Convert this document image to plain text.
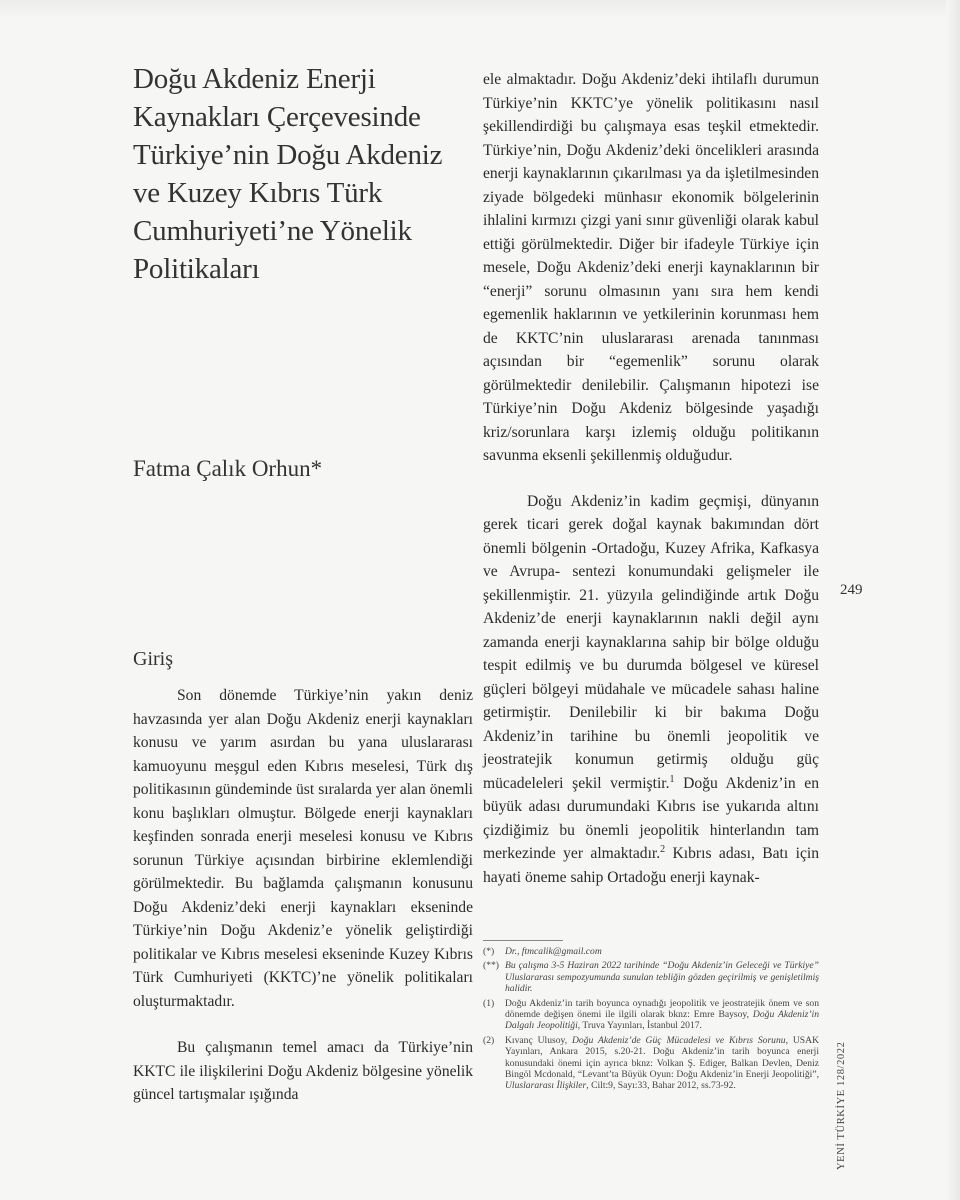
Doğu Akdeniz Enerji
Kaynakları Çerçevesinde
Türkiye’nin Doğu Akdeniz
ve Kuzey Kıbrıs Türk
Cumhuriyeti’ne Yönelik
Politikaları
Fatma Çalık Orhun*
Giriş

Son dönemde Türkiye’nin yakın deniz havzasında yer alan Doğu Akdeniz enerji kaynakları konusu ve yarım asırdan bu yana uluslararası kamuoyunu meşgul eden Kıbrıs meselesi, Türk dış politikasının gündeminde üst sıralarda yer alan önemli konu başlıkları olmuştur. Bölgede enerji kaynakları keşfinden sonrada enerji meselesi konusu ve Kıbrıs sorunun Türkiye açısından birbirine eklemlendiği görülmektedir. Bu bağlamda çalışmanın konusunu Doğu Akdeniz’deki enerji kaynakları ekseninde Türkiye’nin Doğu Akdeniz’e yönelik geliştirdiği politikalar ve Kıbrıs meselesi ekseninde Kuzey Kıbrıs Türk Cumhuriyeti (KKTC)’ne yönelik politikaları oluşturmaktadır.

Bu çalışmanın temel amacı da Türkiye’nin KKTC ile ilişkilerini Doğu Akdeniz bölgesine yönelik güncel tartışmalar ışığında

ele almaktadır. Doğu Akdeniz’deki ihtilaflı durumun Türkiye’nin KKTC’ye yönelik politikasını nasıl şekillendirdiği bu çalışmaya esas teşkil etmektedir. Türkiye’nin, Doğu Akdeniz’deki öncelikleri arasında enerji kaynaklarının çıkarılması ya da işletilmesinden ziyade bölgedeki münhasır ekonomik bölgelerinin ihlalini kırmızı çizgi yani sınır güvenliği olarak kabul ettiği görülmektedir. Diğer bir ifadeyle Türkiye için mesele, Doğu Akdeniz’deki enerji kaynaklarının bir “enerji” sorunu olmasının yanı sıra hem kendi egemenlik haklarının ve yetkilerinin korunması hem de KKTC’nin uluslararası arenada tanınması açısından bir “egemenlik” sorunu olarak görülmektedir denilebilir. Çalışmanın hipotezi ise Türkiye’nin Doğu Akdeniz bölgesinde yaşadığı kriz/sorunlara karşı izlemiş olduğu politikanın savunma eksenli şekillenmiş olduğudur.

Doğu Akdeniz’in kadim geçmişi, dünyanın gerek ticari gerek doğal kaynak bakımından dört önemli bölgenin -Ortadoğu, Kuzey Afrika, Kafkasya ve Avrupa- sentezi konumundaki gelişmeler ile şekillenmiştir. 21. yüzyıla gelindiğinde artık Doğu Akdeniz’de enerji kaynaklarının nakli değil aynı zamanda enerji kaynaklarına sahip bir bölge olduğu tespit edilmiş ve bu durumda bölgesel ve küresel güçleri bölgeyi müdahale ve mücadele sahası haline getirmiştir. Denilebilir ki bir bakıma Doğu Akdeniz’in tarihine bu önemli jeopolitik ve jeostratejik konumun getirmiş olduğu güç mücadeleleri şekil vermiştir.$^1$ Doğu Akdeniz’in en büyük adası durumundaki Kıbrıs ise yukarıda altını çizdiğimiz bu önemli jeopolitik hinterlandın tam merkezinde yer almaktadır.$^2$ Kıbrıs adası, Batı için hayati öneme sahip Ortadoğu enerji kaynak-

249
(*)	Dr., ftmcalik@gmail.com
(**) Bu çalışma 3-5 Haziran 2022 tarihinde “Doğu Akdeniz’in Geleceği ve Türkiye” Uluslararası sempozyumunda sunulan tebliğin gözden geçirilmiş ve genişletilmiş halidir.
(1)	Doğu Akdeniz’in tarih boyunca oynadığı jeopolitik ve jeostratejik önem ve son dönemde değişen önemi ile ilgili olarak bknz: Emre Baysoy, Doğu Akdeniz’in Dalgalı Jeopolitiği, Truva Yayınları, İstanbul 2017.
(2)	Kıvanç Ulusoy, Doğu Akdeniz’de Güç Mücadelesi ve Kıbrıs Sorunu, USAK Yayınları, Ankara 2015, s.20-21. Doğu Akdeniz’in tarih boyunca enerji konusundaki önemi için ayrıca bknz: Volkan Ş. Ediger, Balkan Devlen, Deniz Bingöl Mcdonald, “Levant’ta Büyük Oyun: Doğu Akdeniz’in Enerji Jeopolitiği”, Uluslararası İlişkiler, Cilt:9, Sayı:33, Bahar 2012, ss.73-92.	YENİ TÜRKİYE 128/2022
